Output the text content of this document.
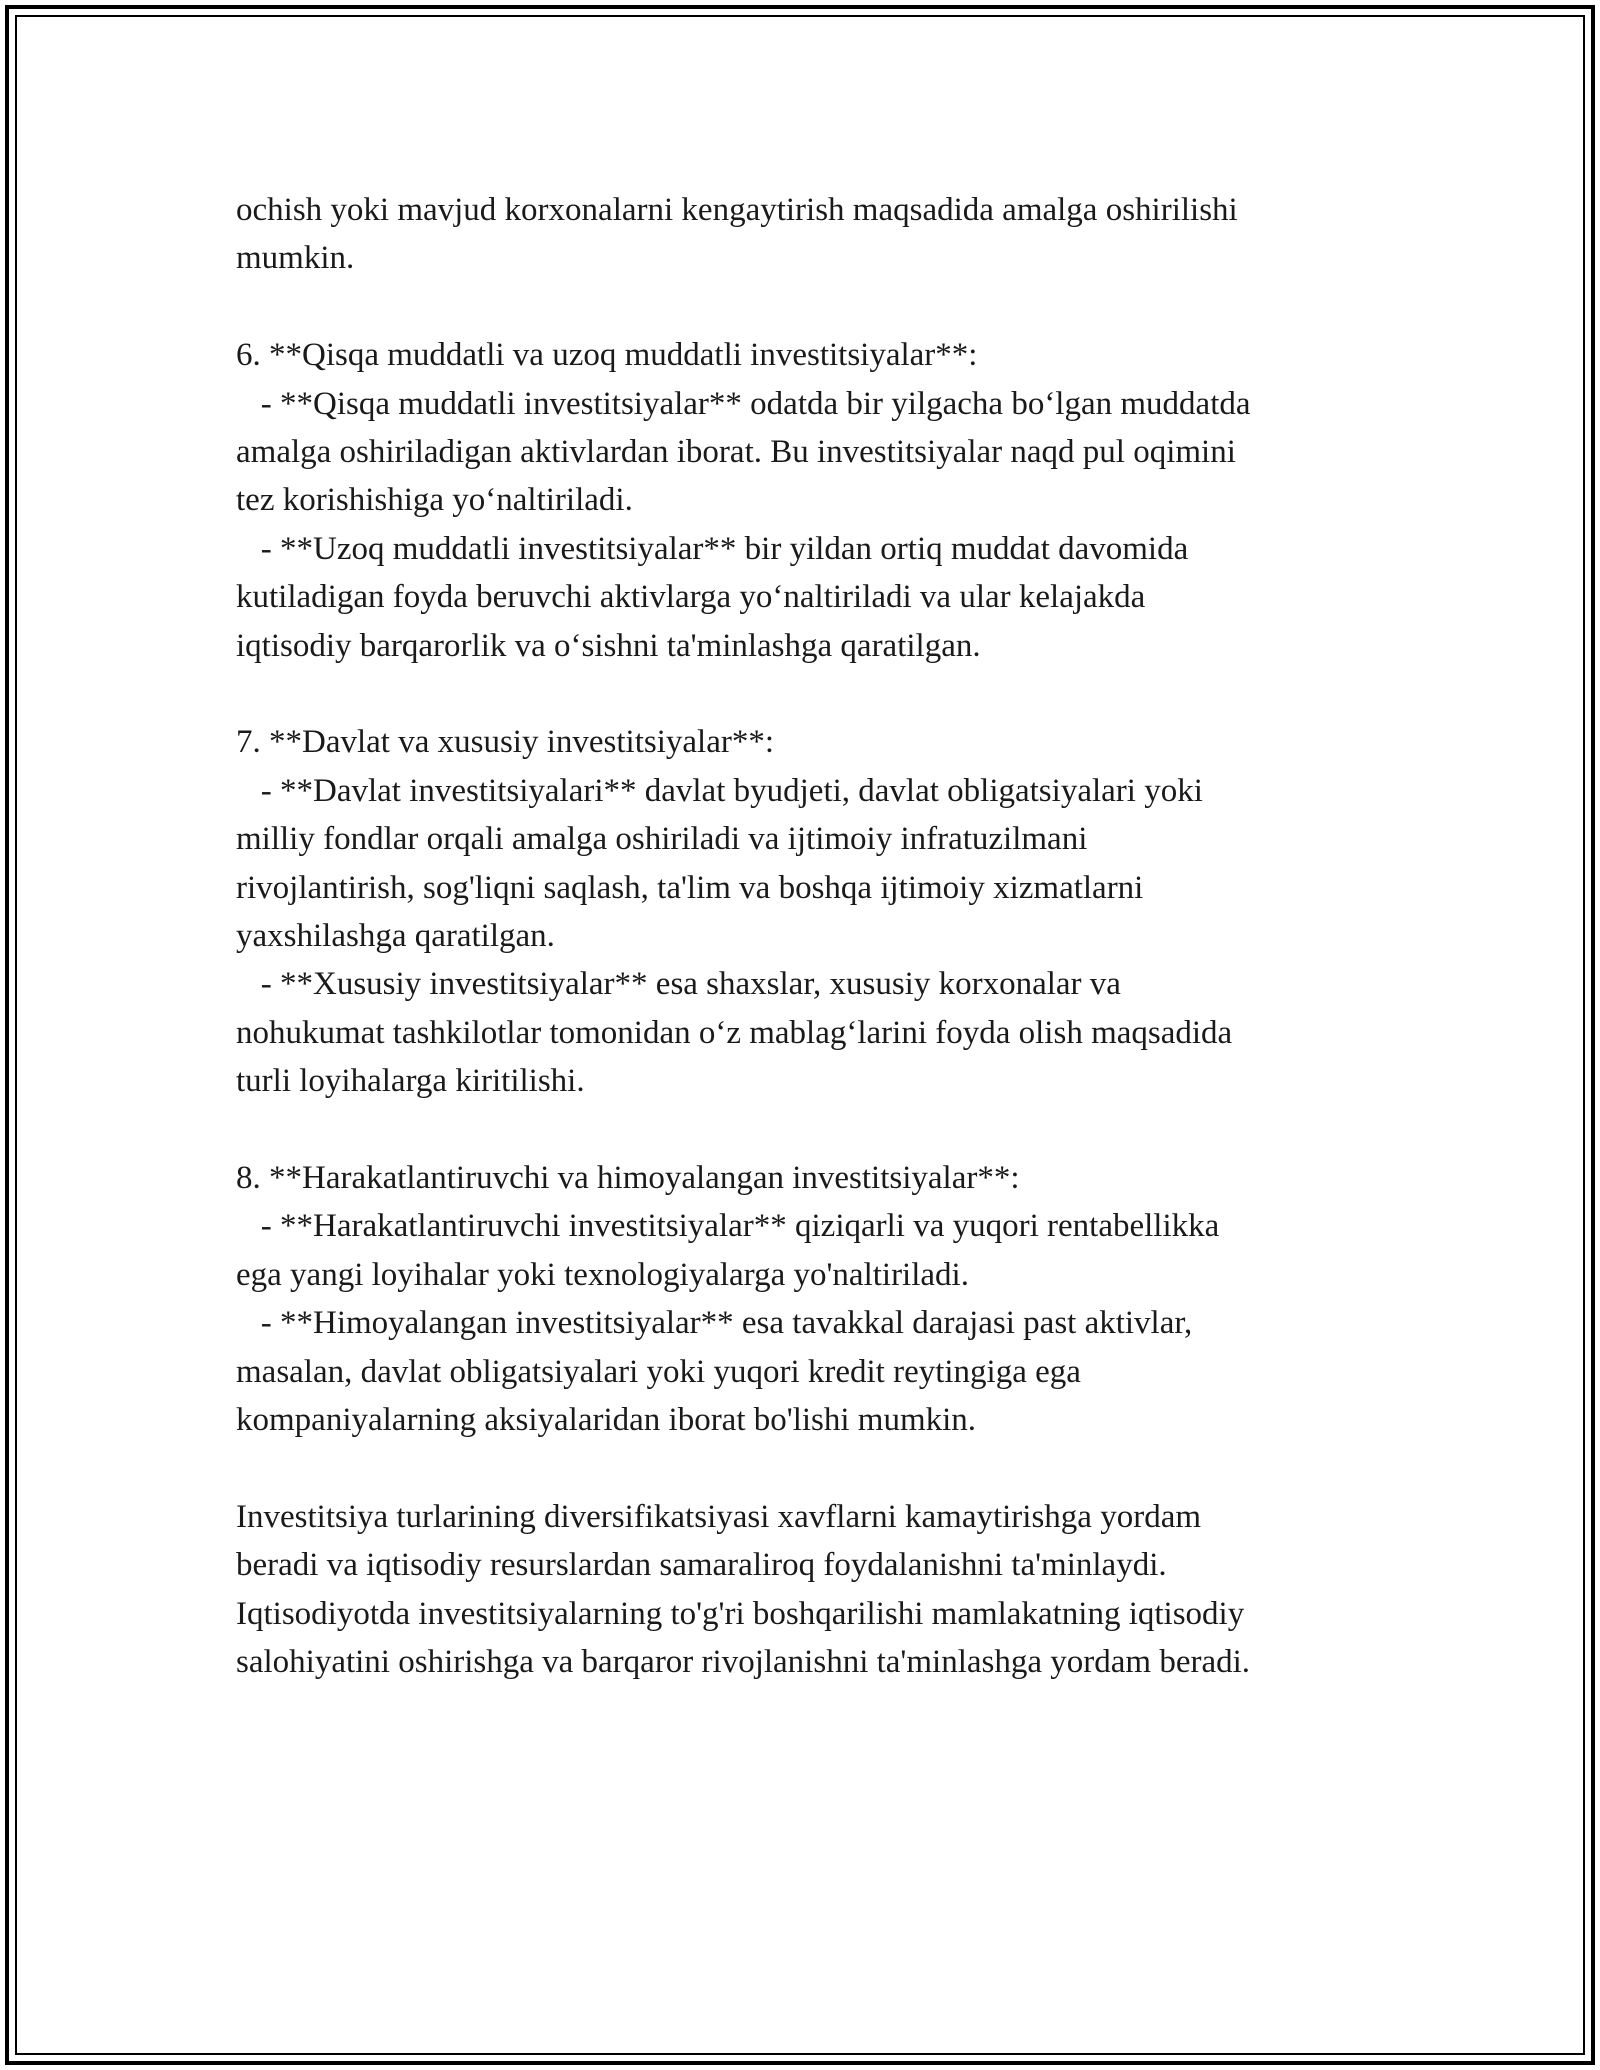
ochish yoki mavjud korxonalarni kengaytirish maqsadida amalga oshirilishi
mumkin.
6. **Qisqa muddatli va uzoq muddatli investitsiyalar**:
- **Qisqa muddatli investitsiyalar** odatda bir yilgacha bo‘lgan muddatda
amalga oshiriladigan aktivlardan iborat. Bu investitsiyalar naqd pul oqimini
tez korishishiga yo‘naltiriladi.
- **Uzoq muddatli investitsiyalar** bir yildan ortiq muddat davomida
kutiladigan foyda beruvchi aktivlarga yo‘naltiriladi va ular kelajakda
iqtisodiy barqarorlik va o‘sishni ta'minlashga qaratilgan.
7. **Davlat va xususiy investitsiyalar**:
- **Davlat investitsiyalari** davlat byudjeti, davlat obligatsiyalari yoki
milliy fondlar orqali amalga oshiriladi va ijtimoiy infratuzilmani
rivojlantirish, sog'liqni saqlash, ta'lim va boshqa ijtimoiy xizmatlarni
yaxshilashga qaratilgan.
- **Xususiy investitsiyalar** esa shaxslar, xususiy korxonalar va
nohukumat tashkilotlar tomonidan o‘z mablag‘larini foyda olish maqsadida
turli loyihalarga kiritilishi.
8. **Harakatlantiruvchi va himoyalangan investitsiyalar**:
- **Harakatlantiruvchi investitsiyalar** qiziqarli va yuqori rentabellikka
ega yangi loyihalar yoki texnologiyalarga yo'naltiriladi.
- **Himoyalangan investitsiyalar** esa tavakkal darajasi past aktivlar,
masalan, davlat obligatsiyalari yoki yuqori kredit reytingiga ega
kompaniyalarning aksiyalaridan iborat bo'lishi mumkin.
Investitsiya turlarining diversifikatsiyasi xavflarni kamaytirishga yordam
beradi va iqtisodiy resurslardan samaraliroq foydalanishni ta'minlaydi.
Iqtisodiyotda investitsiyalarning to'g'ri boshqarilishi mamlakatning iqtisodiy
salohiyatini oshirishga va barqaror rivojlanishni ta'minlashga yordam beradi.
